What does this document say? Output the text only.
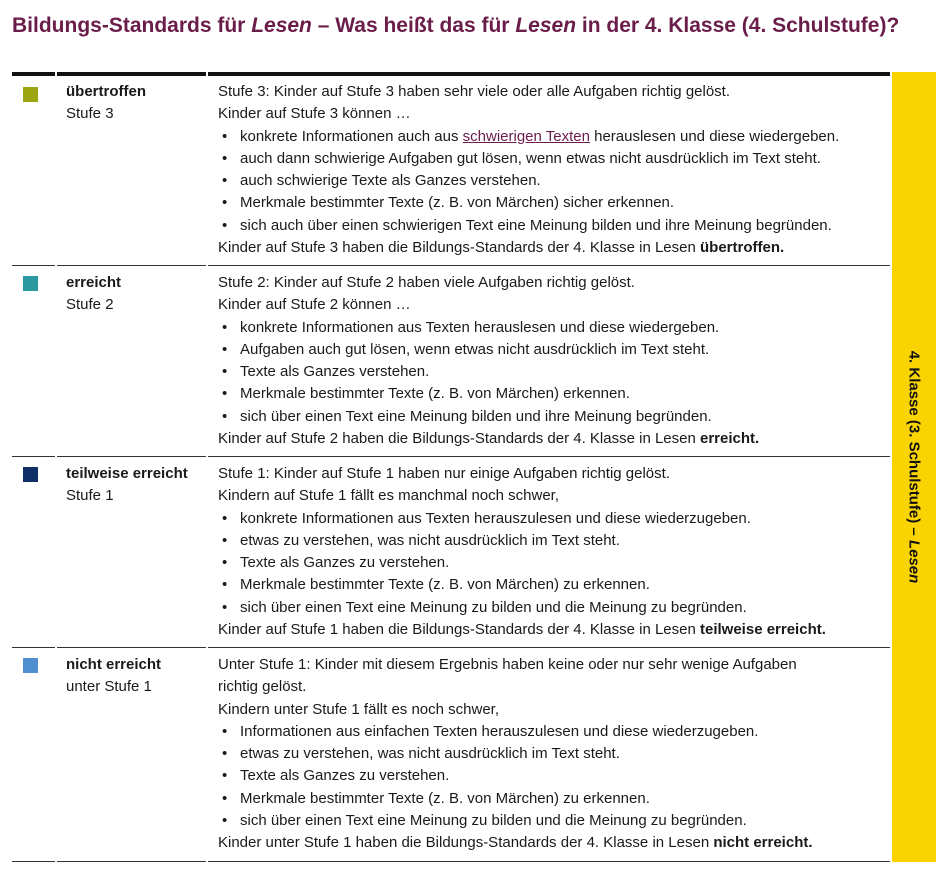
Bildungs-Standards für Lesen – Was heißt das für Lesen in der 4. Klasse (4. Schulstufe)?
übertroffen
Stufe 3

Stufe 3: Kinder auf Stufe 3 haben sehr viele oder alle Aufgaben richtig gelöst.

Kinder auf Stufe 3 können …

• konkrete Informationen auch aus schwierigen Texten herauslesen und diese wiedergeben.
• auch dann schwierige Aufgaben gut lösen, wenn etwas nicht ausdrücklich im Text steht.
• auch schwierige Texte als Ganzes verstehen.
• Merkmale bestimmter Texte (z. B. von Märchen) sicher erkennen.
• sich auch über einen schwierigen Text eine Meinung bilden und ihre Meinung begründen.

Kinder auf Stufe 3 haben die Bildungs-Standards der 4. Klasse in Lesen übertroffen.

erreicht
Stufe 2

Stufe 2: Kinder auf Stufe 2 haben viele Aufgaben richtig gelöst.

Kinder auf Stufe 2 können …

• konkrete Informationen aus Texten herauslesen und diese wiedergeben.
• Aufgaben auch gut lösen, wenn etwas nicht ausdrücklich im Text steht.
• Texte als Ganzes verstehen.
• Merkmale bestimmter Texte (z. B. von Märchen) erkennen.
• sich über einen Text eine Meinung bilden und ihre Meinung begründen.

Kinder auf Stufe 2 haben die Bildungs-Standards der 4. Klasse in Lesen erreicht.

teilweise erreicht
Stufe 1

Stufe 1: Kinder auf Stufe 1 haben nur einige Aufgaben richtig gelöst.

Kindern auf Stufe 1 fällt es manchmal noch schwer,

• konkrete Informationen aus Texten herauszulesen und diese wiederzugeben.
• etwas zu verstehen, was nicht ausdrücklich im Text steht.
• Texte als Ganzes zu verstehen.
• Merkmale bestimmter Texte (z. B. von Märchen) zu erkennen.
• sich über einen Text eine Meinung zu bilden und die Meinung zu begründen.

Kinder auf Stufe 1 haben die Bildungs-Standards der 4. Klasse in Lesen teilweise erreicht.

nicht erreicht
unter Stufe 1

Unter Stufe 1: Kinder mit diesem Ergebnis haben keine oder nur sehr wenige Aufgaben

richtig gelöst.

Kindern unter Stufe 1 fällt es noch schwer,

• Informationen aus einfachen Texten herauszulesen und diese wiederzugeben.
• etwas zu verstehen, was nicht ausdrücklich im Text steht.
• Texte als Ganzes zu verstehen.
• Merkmale bestimmter Texte (z. B. von Märchen) zu erkennen.
• sich über einen Text eine Meinung zu bilden und die Meinung zu begründen.

Kinder unter Stufe 1 haben die Bildungs-Standards der 4. Klasse in Lesen nicht erreicht.

4. Klasse (3. Schulstufe) – Lesen
